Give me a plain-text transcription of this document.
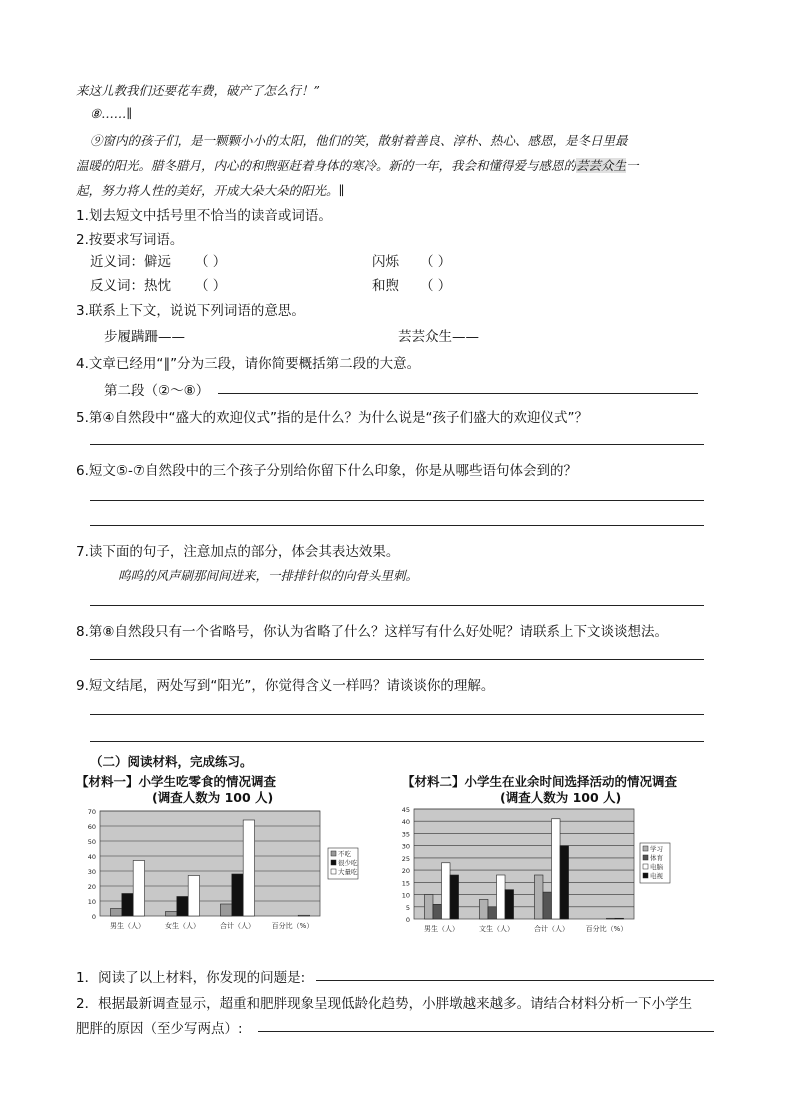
来这儿教我们还要花车费，破产了怎么行！”
⑧……∥
⑨窗内的孩子们，是一颗颗小小的太阳，他们的笑，散射着善良、淳朴、热心、感恩，是冬日里最
温暖的阳光。腊冬腊月，内心的和煦驱赶着身体的寒冷。新的一年，我会和懂得爱与感恩的芸芸众生一
起，努力将人性的美好，开成大朵大朵的阳光。∥
1.划去短文中括号里不恰当的读音或词语。
2.按要求写词语。
近义词：僻远 （ ）	闪烁 （ ）
反义词：热忱 （ ）	和煦 （ ）
3.联系上下文，说说下列词语的意思。
步履蹒跚——	芸芸众生——
4.文章已经用“∥”分为三段，请你简要概括第二段的大意。
第二段（②～⑧）
5.第④自然段中“盛大的欢迎仪式”指的是什么？为什么说是“孩子们盛大的欢迎仪式”？
6.短文⑤-⑦自然段中的三个孩子分别给你留下什么印象，你是从哪些语句体会到的？
7.读下面的句子，注意加点的部分，体会其表达效果。
呜呜的风声刷那间间进来，一排排针似的向骨头里刺。
8.第⑧自然段只有一个省略号，你认为省略了什么？这样写有什么好处呢？请联系上下文谈谈想法。
9.短文结尾，两处写到“阳光”，你觉得含义一样吗？请谈谈你的理解。
（二）阅读材料，完成练习。
【材料一】小学生吃零食的情况调查
(调查人数为 100 人)
【材料二】小学生在业余时间选择活动的情况调查
(调查人数为 100 人)
0
10
20
30
40
50
60
70
男生（人）	女生（人）	合计（人） 百分比（%）
不吃
很少吃
大量吃
0
5
10
15
20
25
30
35
40
45
男生（人）	文生（人）	合计（人） 百分比（%）
学习
体育
电脑
电视
1．阅读了以上材料，你发现的问题是:
2．根据最新调查显示，超重和肥胖现象呈现低龄化趋势，小胖墩越来越多。请结合材料分析一下小学生
肥胖的原因（至少写两点）:
